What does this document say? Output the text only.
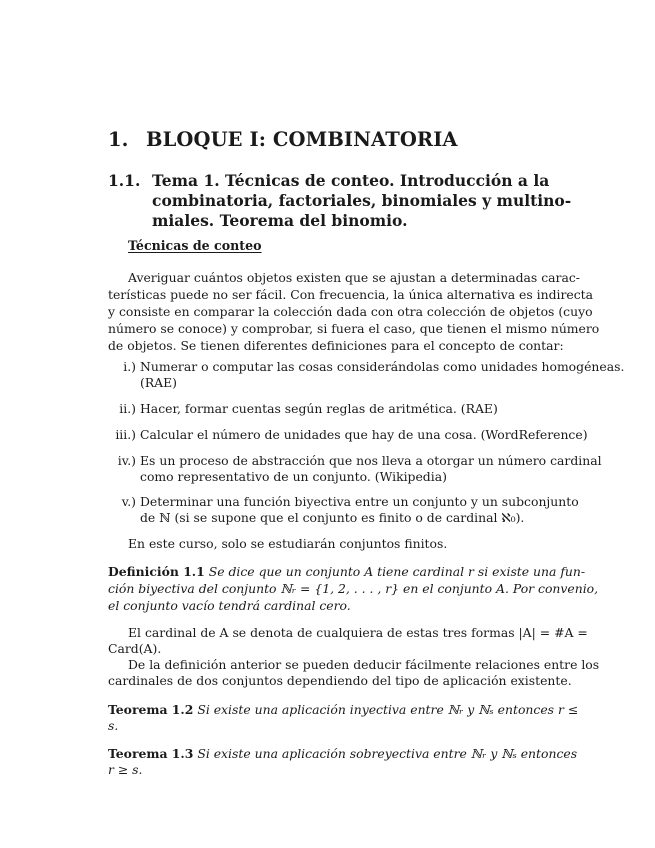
1. BLOQUE I: COMBINATORIA
1.1. Tema 1. Técnicas de conteo. Introducción a la
combinatoria, factoriales, binomiales y multino-
miales. Teorema del binomio.
Técnicas de conteo
Averiguar cuántos objetos existen que se ajustan a determinadas carac-
terísticas puede no ser fácil. Con frecuencia, la única alternativa es indirecta
y consiste en comparar la colección dada con otra colección de objetos (cuyo
número se conoce) y comprobar, si fuera el caso, que tienen el mismo número
de objetos. Se tienen diferentes definiciones para el concepto de contar:
i.) Numerar o computar las cosas considerándolas como unidades homogéneas.
(RAE)
ii.) Hacer, formar cuentas según reglas de aritmética. (RAE)
iii.) Calcular el número de unidades que hay de una cosa. (WordReference)
iv.) Es un proceso de abstracción que nos lleva a otorgar un número cardinal
como representativo de un conjunto. (Wikipedia)
v.) Determinar una función biyectiva entre un conjunto y un subconjunto
de ℕ (si se supone que el conjunto es finito o de cardinal ℵ₀).
En este curso, solo se estudiarán conjuntos finitos.
Definición 1.1 Se dice que un conjunto A tiene cardinal r si existe una fun-
ción biyectiva del conjunto ℕᵣ = {1, 2, . . . , r} en el conjunto A. Por convenio,
el conjunto vacío tendrá cardinal cero.
El cardinal de A se denota de cualquiera de estas tres formas |A| = #A =
Card(A).
De la definición anterior se pueden deducir fácilmente relaciones entre los
cardinales de dos conjuntos dependiendo del tipo de aplicación existente.
Teorema 1.2 Si existe una aplicación inyectiva entre ℕᵣ y ℕₛ entonces r ≤
s.
Teorema 1.3 Si existe una aplicación sobreyectiva entre ℕᵣ y ℕₛ entonces
r ≥ s.
